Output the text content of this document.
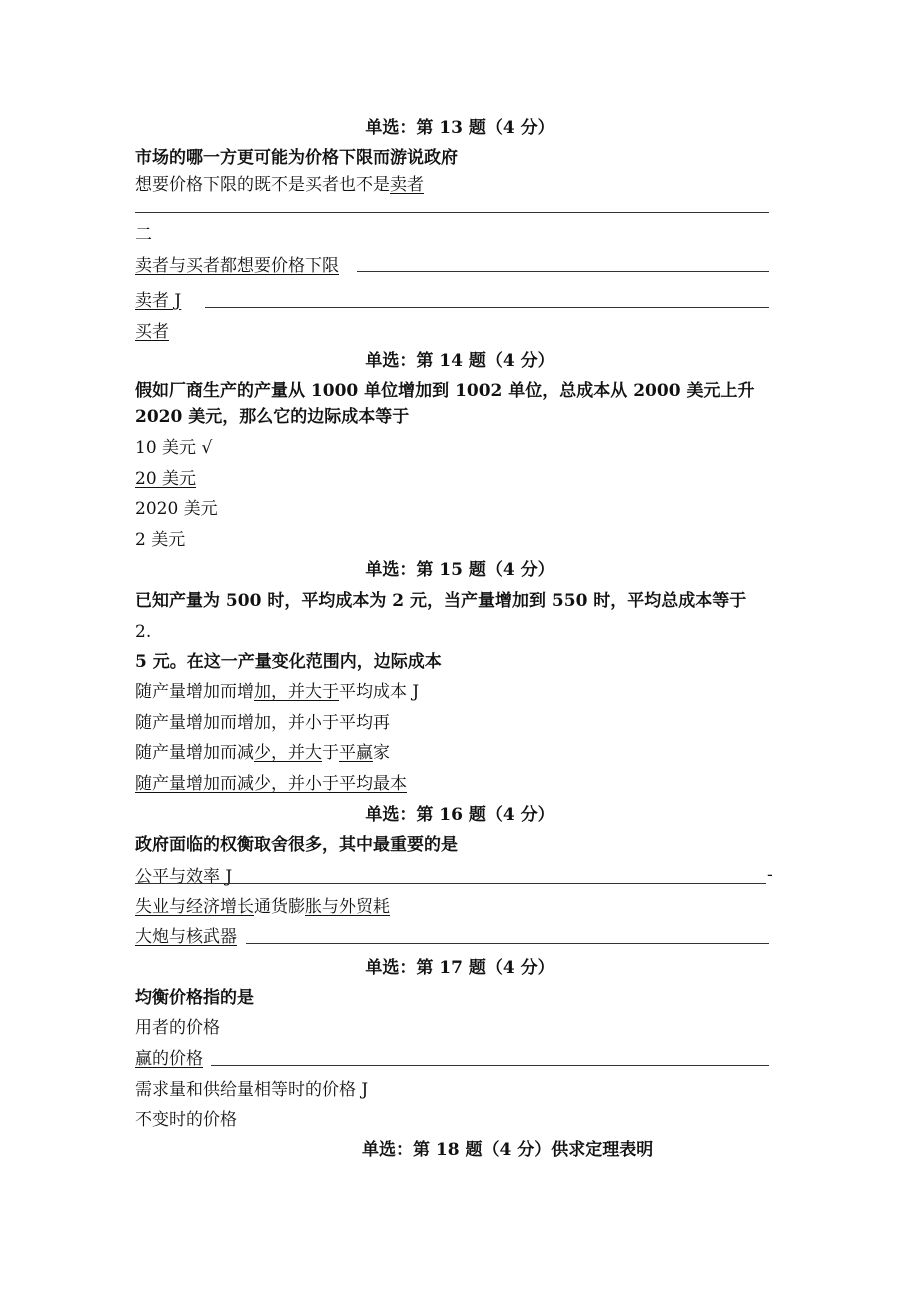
单选：第 13 题（4 分）
市场的哪一方更可能为价格下限而游说政府
想要价格下限的既不是买者也不是卖者
二
卖者与买者都想要价格下限
卖者 J
买者
单选：第 14 题（4 分）
假如厂商生产的产量从 1000 单位增加到 1002 单位，总成本从 2000 美元上升
2020 美元，那么它的边际成本等于
10 美元 √
20 美元
2020 美元
2 美元
单选：第 15 题（4 分）
已知产量为 500 时，平均成本为 2 元，当产量增加到 550 时，平均总成本等于
2.
5 元。在这一产量变化范围内，边际成本
随产量增加而增加，并大于平均成本 J
随产量增加而增加，并小于平均再
随产量增加而减少，并大于平赢家
随产量增加而减少，并小于平均最本
单选：第 16 题（4 分）
政府面临的权衡取舍很多，其中最重要的是
公平与效率 J	-
失业与经济增长通货膨胀与外贸耗
大炮与核武器
单选：第 17 题（4 分）
均衡价格指的是
用者的价格
赢的价格
需求量和供给量相等时的价格 J
不变时的价格
单选：第 18 题（4 分）供求定理表明
